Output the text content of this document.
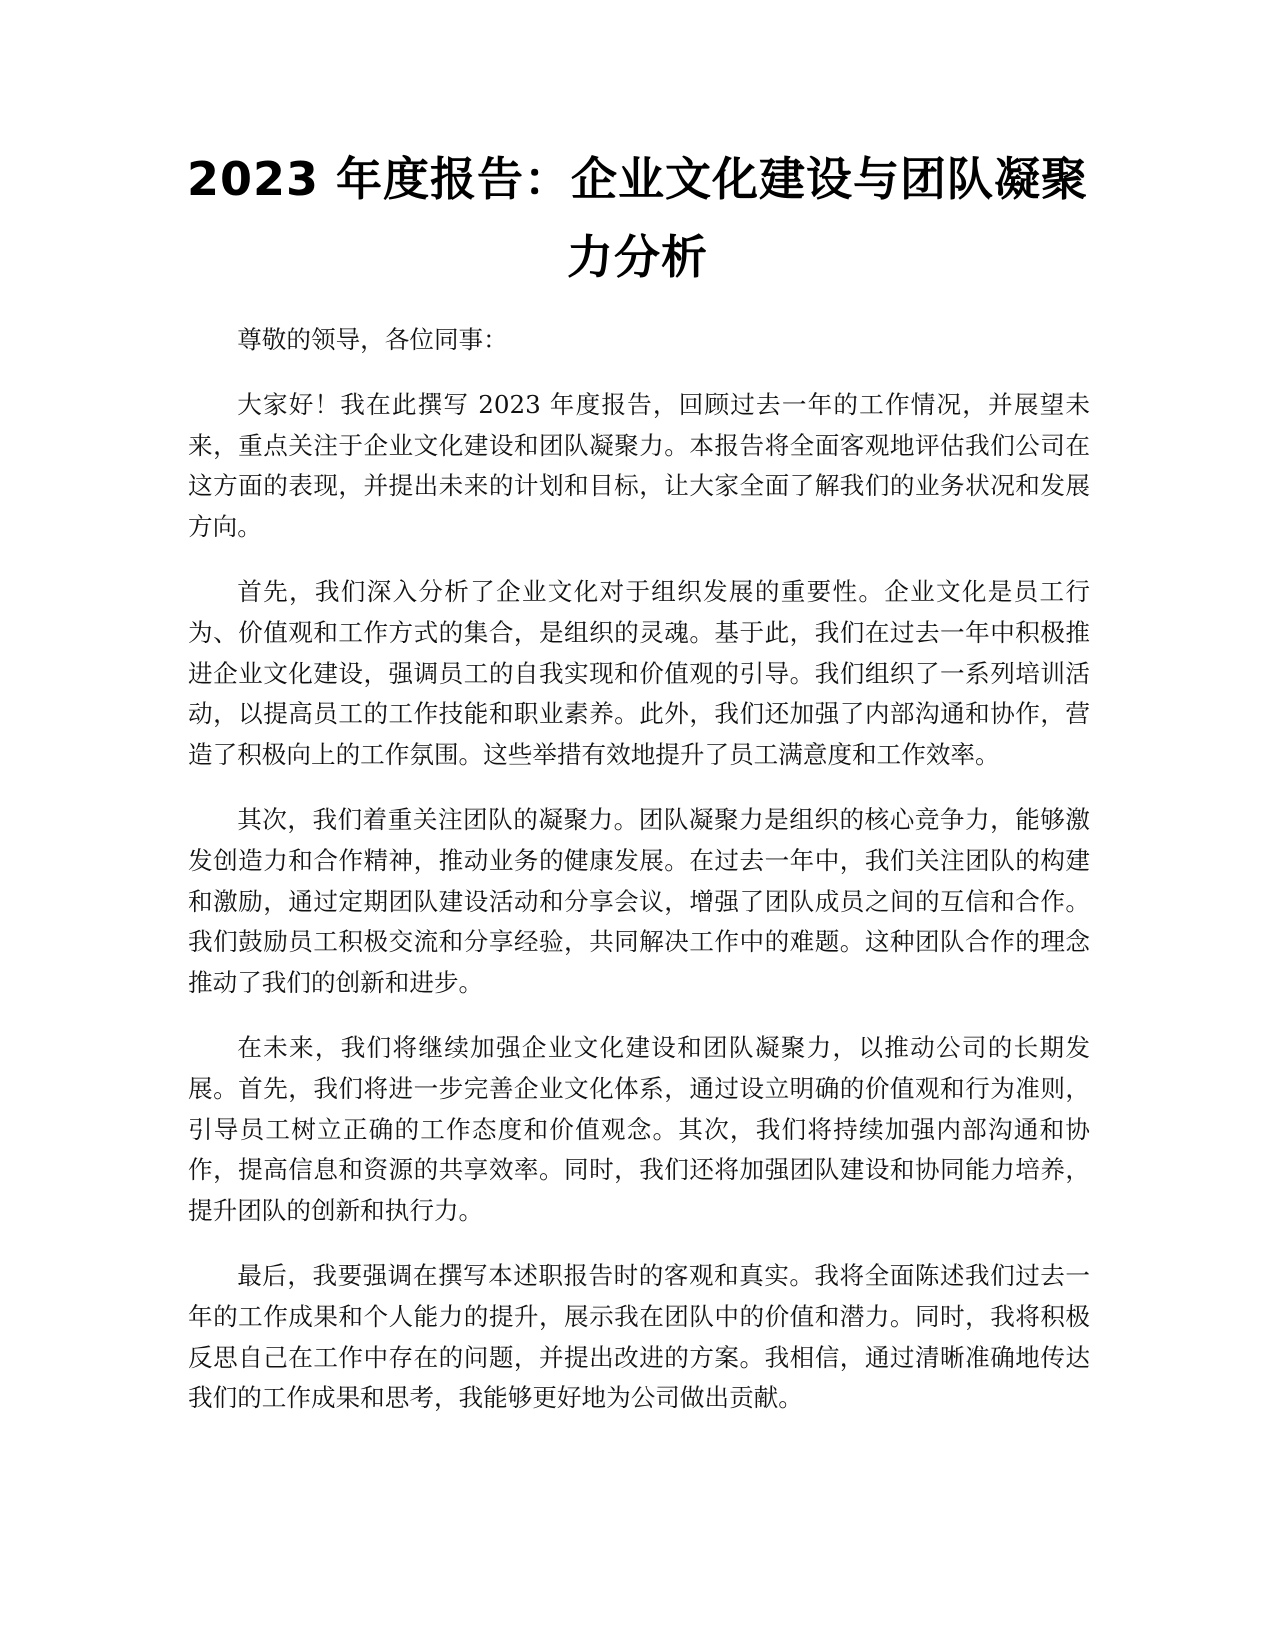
2023 年度报告：企业文化建设与团队凝聚力分析

尊敬的领导，各位同事：

大家好！我在此撰写 2023 年度报告，回顾过去一年的工作情况，并展望未来，重点关注于企业文化建设和团队凝聚力。本报告将全面客观地评估我们公司在这方面的表现，并提出未来的计划和目标，让大家全面了解我们的业务状况和发展方向。

首先，我们深入分析了企业文化对于组织发展的重要性。企业文化是员工行为、价值观和工作方式的集合，是组织的灵魂。基于此，我们在过去一年中积极推进企业文化建设，强调员工的自我实现和价值观的引导。我们组织了一系列培训活动，以提高员工的工作技能和职业素养。此外，我们还加强了内部沟通和协作，营造了积极向上的工作氛围。这些举措有效地提升了员工满意度和工作效率。

其次，我们着重关注团队的凝聚力。团队凝聚力是组织的核心竞争力，能够激发创造力和合作精神，推动业务的健康发展。在过去一年中，我们关注团队的构建和激励，通过定期团队建设活动和分享会议，增强了团队成员之间的互信和合作。我们鼓励员工积极交流和分享经验，共同解决工作中的难题。这种团队合作的理念推动了我们的创新和进步。

在未来，我们将继续加强企业文化建设和团队凝聚力，以推动公司的长期发展。首先，我们将进一步完善企业文化体系，通过设立明确的价值观和行为准则，引导员工树立正确的工作态度和价值观念。其次，我们将持续加强内部沟通和协作，提高信息和资源的共享效率。同时，我们还将加强团队建设和协同能力培养，提升团队的创新和执行力。

最后，我要强调在撰写本述职报告时的客观和真实。我将全面陈述我们过去一年的工作成果和个人能力的提升，展示我在团队中的价值和潜力。同时，我将积极反思自己在工作中存在的问题，并提出改进的方案。我相信，通过清晰准确地传达我们的工作成果和思考，我能够更好地为公司做出贡献。
